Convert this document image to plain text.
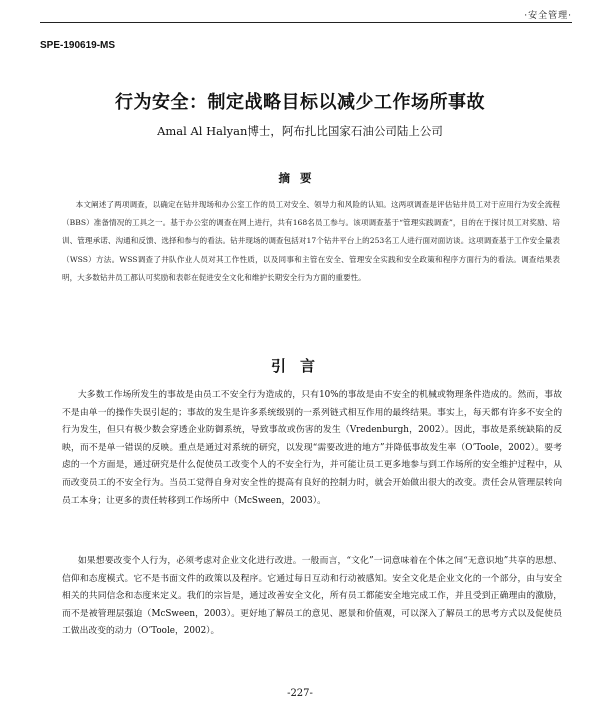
·安全管理·
SPE-190619-MS
行为安全：制定战略目标以减少工作场所事故
Amal Al Halyan博士，阿布扎比国家石油公司陆上公司
摘要

本文阐述了两项调查，以确定在钻井现场和办公室工作的员工对安全、领导力和风险的认知。这两项调查是评估钻井员工对于应用行为安全流程（BBS）准备情况的工具之一。基于办公室的调查在网上进行，共有168名员工参与。该项调查基于“管理实践调查”，目的在于探讨员工对奖励、培训、管理承诺、沟通和反馈、选择和参与的看法。钻井现场的调查包括对17个钻井平台上的253名工人进行面对面访谈。这项调查基于工作安全量表（WSS）方法。WSS调查了井队作业人员对其工作性质，以及同事和主管在安全、管理安全实践和安全政策和程序方面行为的看法。调查结果表明，大多数钻井员工都认可奖励和表彰在促进安全文化和维护长期安全行为方面的重要性。

引言

大多数工作场所发生的事故是由员工不安全行为造成的，只有10%的事故是由不安全的机械或物理条件造成的。然而，事故不是由单一的操作失误引起的；事故的发生是许多系统级别的一系列链式相互作用的最终结果。事实上，每天都有许多不安全的行为发生，但只有极少数会穿透企业防御系统，导致事故或伤害的发生（Vredenburgh，2002）。因此，事故是系统缺陷的反映，而不是单一错误的反映。重点是通过对系统的研究，以发现“需要改进的地方”并降低事故发生率（O’Toole，2002）。要考虑的一个方面是，通过研究是什么促使员工改变个人的不安全行为，并可能让员工更多地参与到工作场所的安全维护过程中，从而改变员工的不安全行为。当员工觉得自身对安全性的提高有良好的控制力时，就会开始做出很大的改变。责任会从管理层转向员工本身；让更多的责任转移到工作场所中（McSween，2003）。

如果想要改变个人行为，必须考虑对企业文化进行改进。一般而言，“文化”一词意味着在个体之间“无意识地”共享的思想、信仰和态度模式。它不是书面文件的政策以及程序。它通过每日互动和行动被感知。安全文化是企业文化的一个部分，由与安全相关的共同信念和态度来定义。我们的宗旨是，通过改善安全文化，所有员工都能安全地完成工作，并且受到正确理由的激励，而不是被管理层强迫（McSween，2003）。更好地了解员工的意见、愿景和价值观，可以深入了解员工的思考方式以及促使员工做出改变的动力（O’Toole，2002）。

-227-
